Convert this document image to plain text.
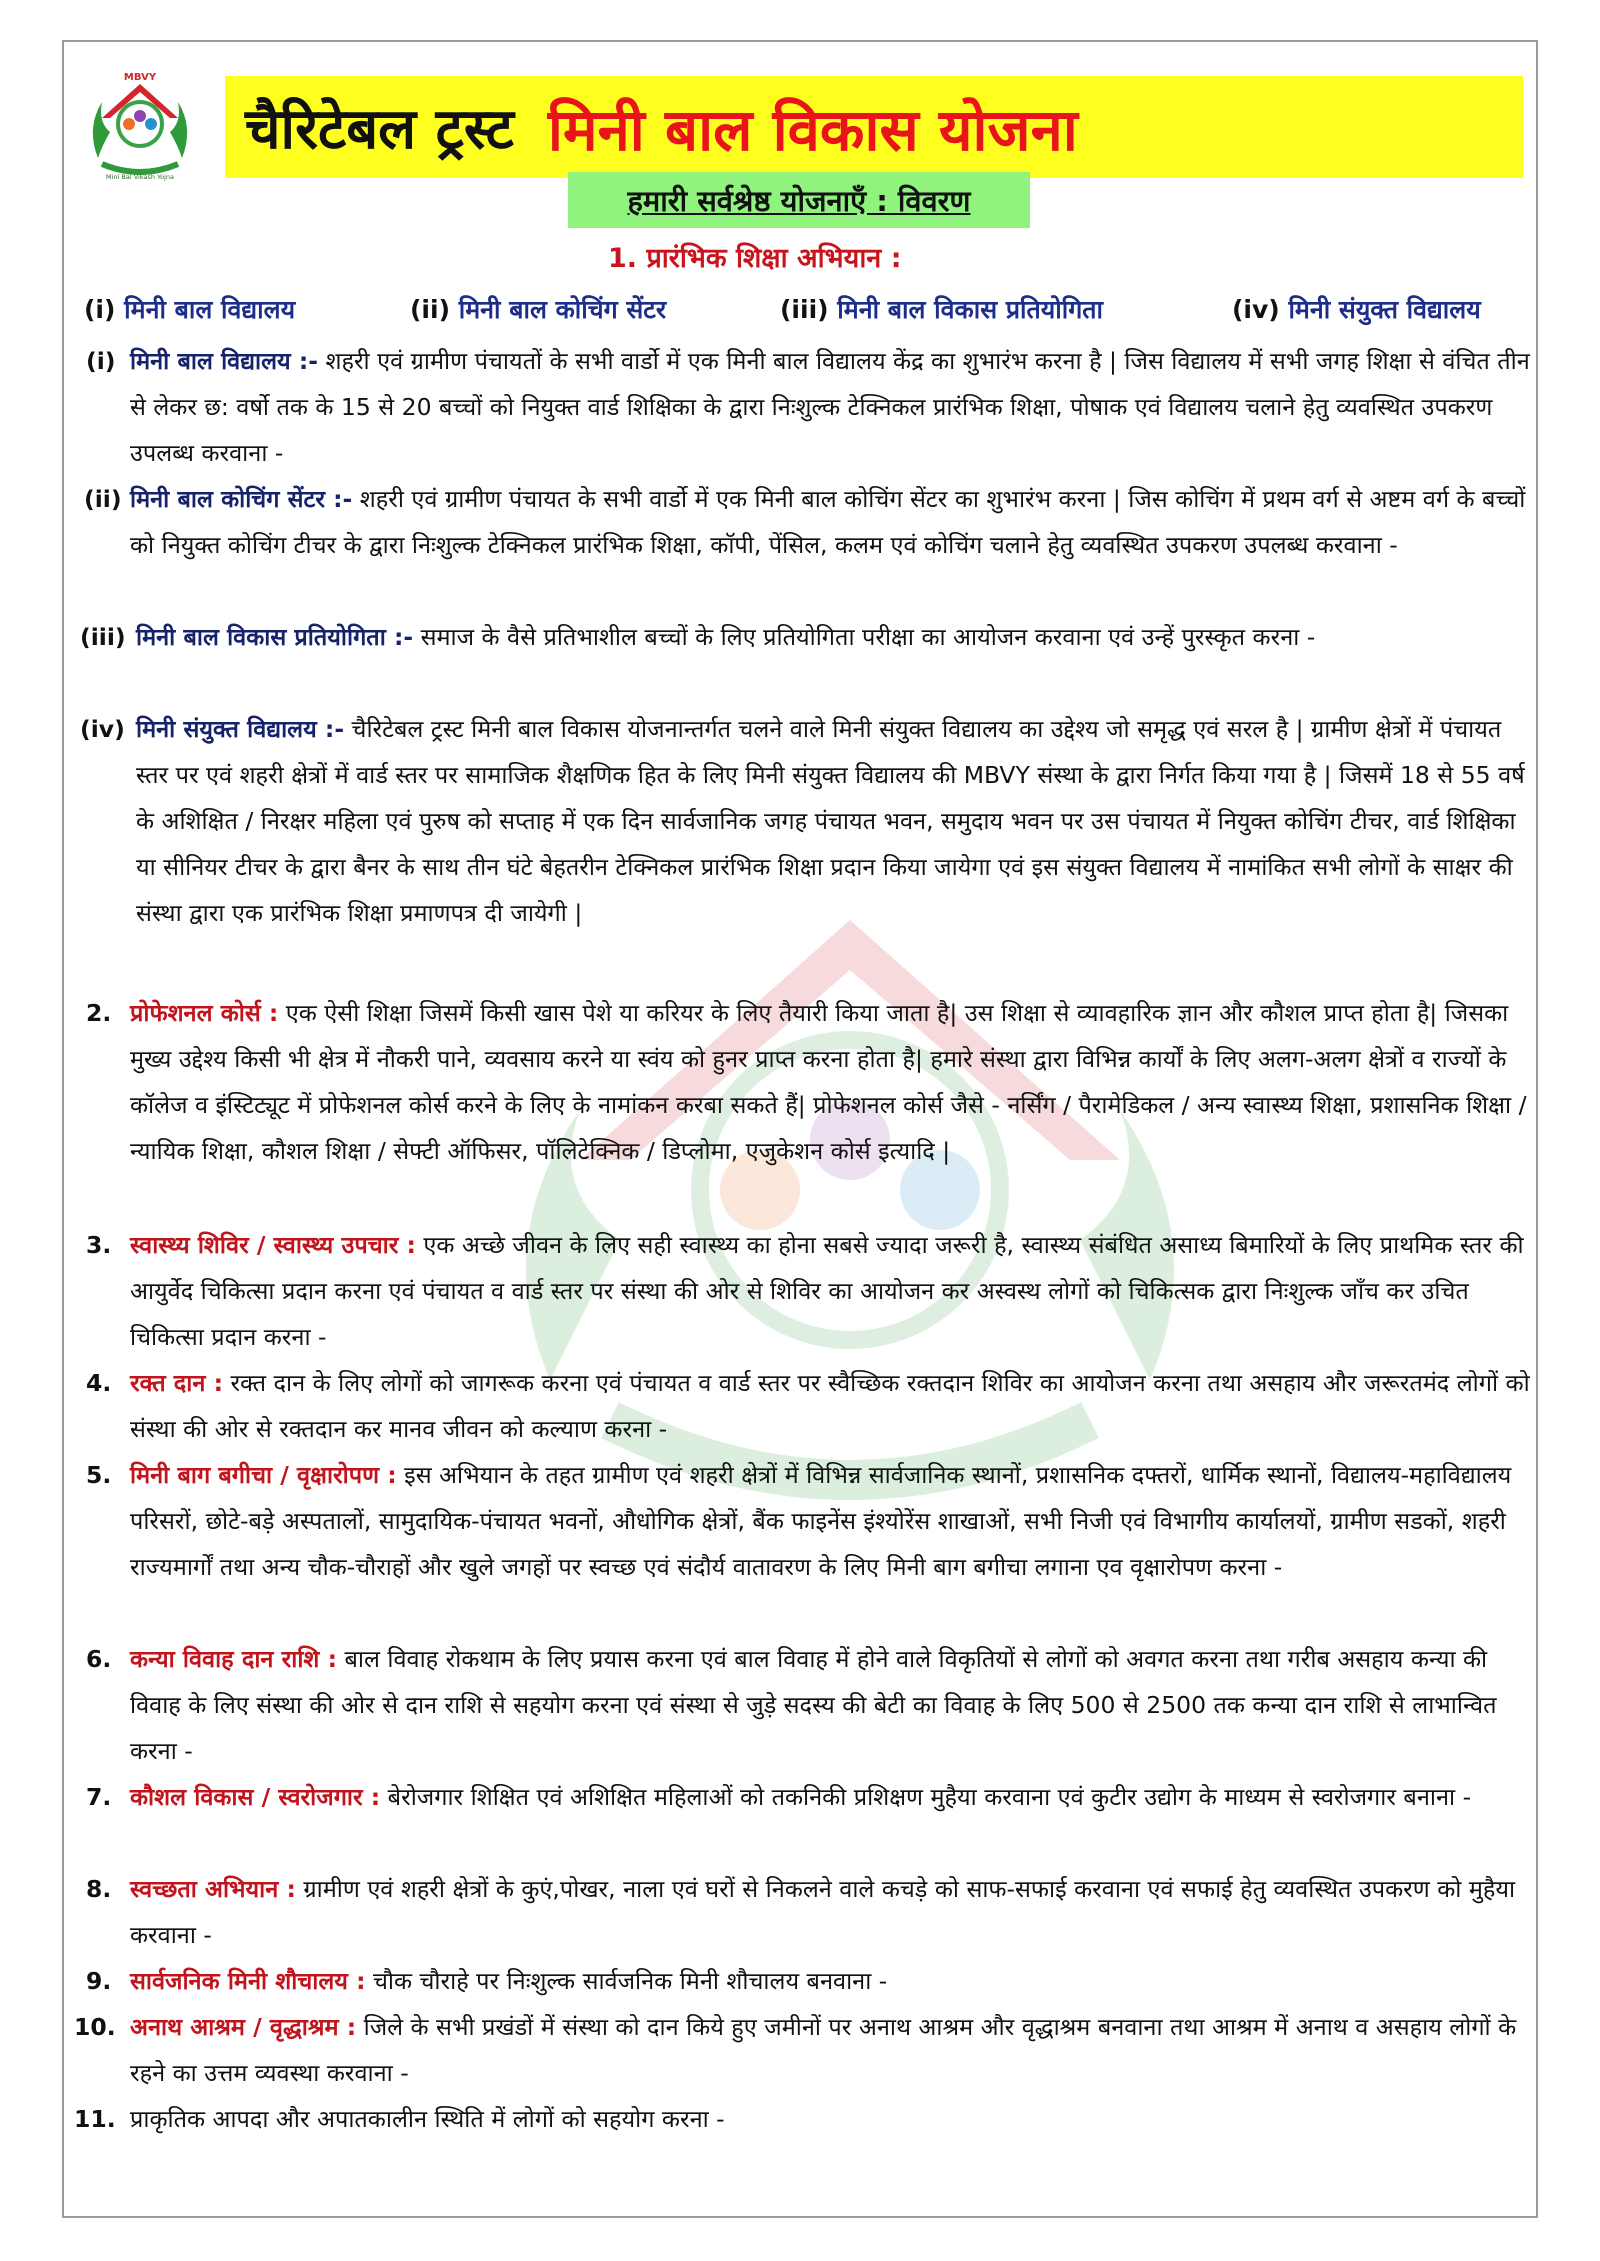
MBVY
Mini Bal Vikash Yojna
चैरिटेबल ट्रस्ट मिनी बाल विकास योजना
हमारी सर्वश्रेष्ठ योजनाएँ : विवरण
1. प्रारंभिक शिक्षा अभियान :
(i) मिनी बाल विद्यालय	(ii) मिनी बाल कोचिंग सेंटर	(iii) मिनी बाल विकास प्रतियोगिता	(iv) मिनी संयुक्त विद्यालय
(i) मिनी बाल विद्यालय :- शहरी एवं ग्रामीण पंचायतों के सभी वार्डो में एक मिनी बाल विद्यालय केंद्र का शुभारंभ करना है | जिस विद्यालय में सभी जगह शिक्षा से वंचित तीन से लेकर छ: वर्षो तक के 15 से 20 बच्चों को नियुक्त वार्ड शिक्षिका के द्वारा निःशुल्क टेक्निकल प्रारंभिक शिक्षा, पोषाक एवं विद्यालय चलाने हेतु व्यवस्थित उपकरण उपलब्ध करवाना -
(ii) मिनी बाल कोचिंग सेंटर :- शहरी एवं ग्रामीण पंचायत के सभी वार्डो में एक मिनी बाल कोचिंग सेंटर का शुभारंभ करना | जिस कोचिंग में प्रथम वर्ग से अष्टम वर्ग के बच्चों को नियुक्त कोचिंग टीचर के द्वारा निःशुल्क टेक्निकल प्रारंभिक शिक्षा, कॉपी, पेंसिल, कलम एवं कोचिंग चलाने हेतु व्यवस्थित उपकरण उपलब्ध करवाना -
(iii) मिनी बाल विकास प्रतियोगिता :- समाज के वैसे प्रतिभाशील बच्चों के लिए प्रतियोगिता परीक्षा का आयोजन करवाना एवं उन्हें पुरस्कृत करना -
(iv) मिनी संयुक्त विद्यालय :- चैरिटेबल ट्रस्ट मिनी बाल विकास योजनान्तर्गत चलने वाले मिनी संयुक्त विद्यालय का उद्देश्य जो समृद्ध एवं सरल है | ग्रामीण क्षेत्रों में पंचायत स्तर पर एवं शहरी क्षेत्रों में वार्ड स्तर पर सामाजिक शैक्षणिक हित के लिए मिनी संयुक्त विद्यालय की MBVY संस्था के द्वारा निर्गत किया गया है | जिसमें 18 से 55 वर्ष के अशिक्षित / निरक्षर महिला एवं पुरुष को सप्ताह में एक दिन सार्वजानिक जगह पंचायत भवन, समुदाय भवन पर उस पंचायत में नियुक्त कोचिंग टीचर, वार्ड शिक्षिका या सीनियर टीचर के द्वारा बैनर के साथ तीन घंटे बेहतरीन टेक्निकल प्रारंभिक शिक्षा प्रदान किया जायेगा एवं इस संयुक्त विद्यालय में नामांकित सभी लोगों के साक्षर की संस्था द्वारा एक प्रारंभिक शिक्षा प्रमाणपत्र दी जायेगी |
2. प्रोफेशनल कोर्स : एक ऐसी शिक्षा जिसमें किसी खास पेशे या करियर के लिए तैयारी किया जाता है| उस शिक्षा से व्यावहारिक ज्ञान और कौशल प्राप्त होता है| जिसका मुख्य उद्देश्य किसी भी क्षेत्र में नौकरी पाने, व्यवसाय करने या स्वंय को हुनर प्राप्त करना होता है| हमारे संस्था द्वारा विभिन्न कार्यों के लिए अलग-अलग क्षेत्रों व राज्यों के कॉलेज व इंस्टिट्यूट में प्रोफेशनल कोर्स करने के लिए के नामांकन करबा सकते हैं| प्रोफेशनल कोर्स जैसे - नर्सिंग / पैरामेडिकल / अन्य स्वास्थ्य शिक्षा, प्रशासनिक शिक्षा / न्यायिक शिक्षा, कौशल शिक्षा / सेफ्टी ऑफिसर, पॉलिटेक्निक / डिप्लोमा, एजुकेशन कोर्स इत्यादि |
3. स्वास्थ्य शिविर / स्वास्थ्य उपचार : एक अच्छे जीवन के लिए सही स्वास्थ्य का होना सबसे ज्यादा जरूरी है, स्वास्थ्य संबंधित असाध्य बिमारियों के लिए प्राथमिक स्तर की आयुर्वेद चिकित्सा प्रदान करना एवं पंचायत व वार्ड स्तर पर संस्था की ओर से शिविर का आयोजन कर अस्वस्थ लोगों को चिकित्सक द्वारा निःशुल्क जाँच कर उचित चिकित्सा प्रदान करना -
4. रक्त दान : रक्त दान के लिए लोगों को जागरूक करना एवं पंचायत व वार्ड स्तर पर स्वैच्छिक रक्तदान शिविर का आयोजन करना तथा असहाय और जरूरतमंद लोगों को संस्था की ओर से रक्तदान कर मानव जीवन को कल्याण करना -
5. मिनी बाग बगीचा / वृक्षारोपण : इस अभियान के तहत ग्रामीण एवं शहरी क्षेत्रों में विभिन्न सार्वजानिक स्थानों, प्रशासनिक दफ्तरों, धार्मिक स्थानों, विद्यालय-महाविद्यालय परिसरों, छोटे-बड़े अस्पतालों, सामुदायिक-पंचायत भवनों, औधोगिक क्षेत्रों, बैंक फाइनेंस इंश्योरेंस शाखाओं, सभी निजी एवं विभागीय कार्यालयों, ग्रामीण सडकों, शहरी राज्यमार्गों तथा अन्य चौक-चौराहों और खुले जगहों पर स्वच्छ एवं संदौर्य वातावरण के लिए मिनी बाग बगीचा लगाना एव वृक्षारोपण करना -
6. कन्या विवाह दान राशि : बाल विवाह रोकथाम के लिए प्रयास करना एवं बाल विवाह में होने वाले विकृतियों से लोगों को अवगत करना तथा गरीब असहाय कन्या की विवाह के लिए संस्था की ओर से दान राशि से सहयोग करना एवं संस्था से जुड़े सदस्य की बेटी का विवाह के लिए 500 से 2500 तक कन्या दान राशि से लाभान्वित करना -
7. कौशल विकास / स्वरोजगार : बेरोजगार शिक्षित एवं अशिक्षित महिलाओं को तकनिकी प्रशिक्षण मुहैया करवाना एवं कुटीर उद्योग के माध्यम से स्वरोजगार बनाना -
8. स्वच्छता अभियान : ग्रामीण एवं शहरी क्षेत्रों के कुएं,पोखर, नाला एवं घरों से निकलने वाले कचड़े को साफ-सफाई करवाना एवं सफाई हेतु व्यवस्थित उपकरण को मुहैया करवाना -
9. सार्वजनिक मिनी शौचालय : चौक चौराहे पर निःशुल्क सार्वजनिक मिनी शौचालय बनवाना -
10. अनाथ आश्रम / वृद्धाश्रम : जिले के सभी प्रखंडों में संस्था को दान किये हुए जमीनों पर अनाथ आश्रम और वृद्धाश्रम बनवाना तथा आश्रम में अनाथ व असहाय लोगों के रहने का उत्तम व्यवस्था करवाना -
11. प्राकृतिक आपदा और अपातकालीन स्थिति में लोगों को सहयोग करना -
